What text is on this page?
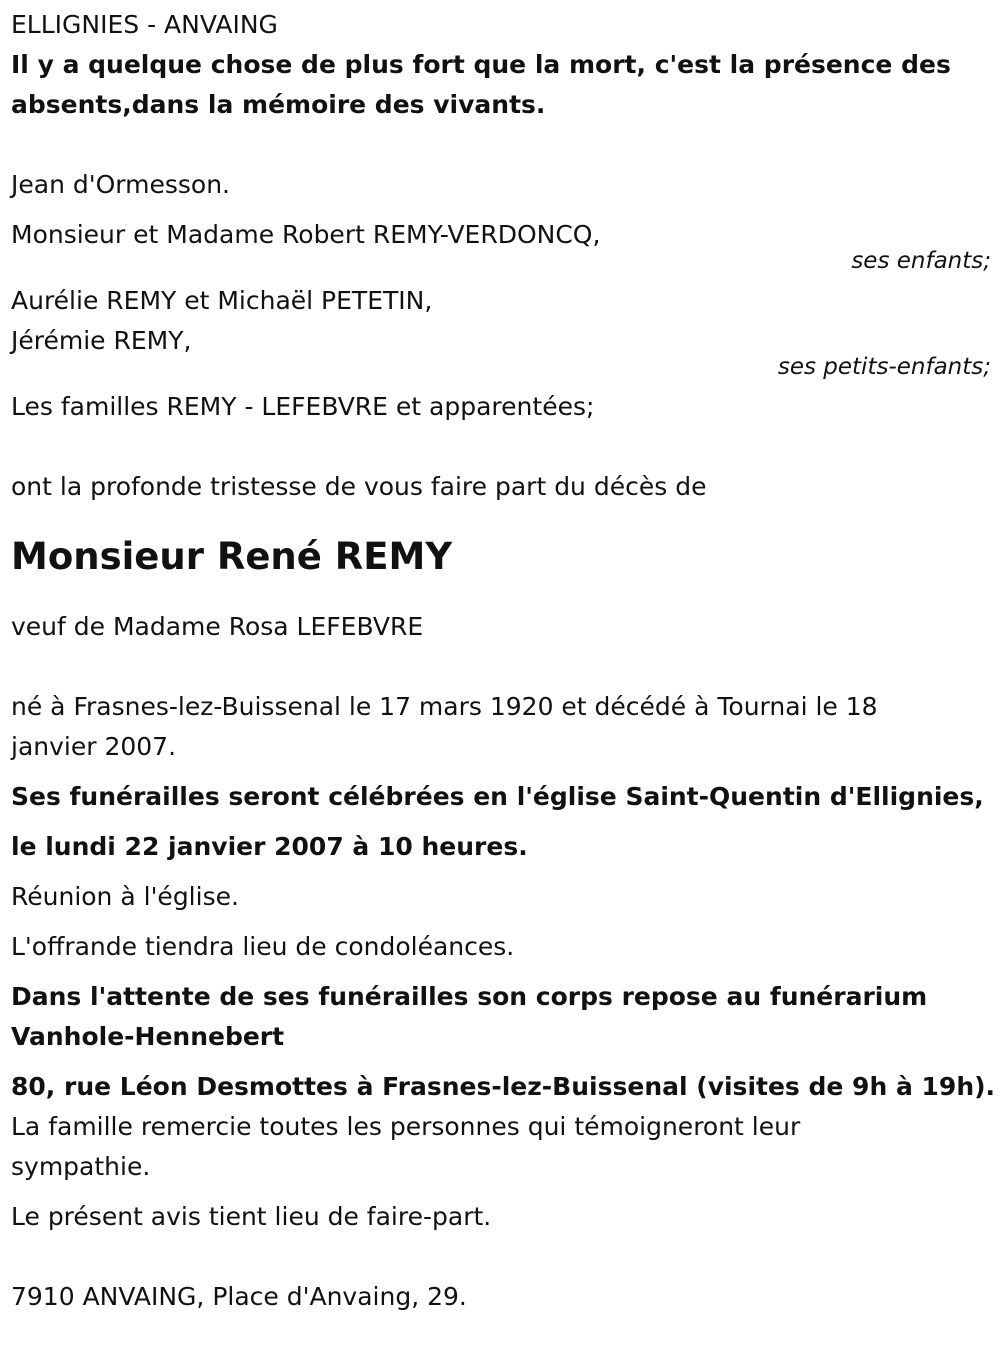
ELLIGNIES - ANVAING
Il y a quelque chose de plus fort que la mort, c'est la présence des absents,dans la mémoire des vivants.
Jean d'Ormesson.
Monsieur et Madame Robert REMY-VERDONCQ,
ses enfants;
Aurélie REMY et Michaël PETETIN,
Jérémie REMY,
ses petits-enfants;
Les familles REMY - LEFEBVRE et apparentées;
ont la profonde tristesse de vous faire part du décès de
Monsieur René REMY
veuf de Madame Rosa LEFEBVRE
né à Frasnes-lez-Buissenal le 17 mars 1920 et décédé à Tournai le 18 janvier 2007.
Ses funérailles seront célébrées en l'église Saint-Quentin d'Ellignies,
le lundi 22 janvier 2007 à 10 heures.
Réunion à l'église.
L'offrande tiendra lieu de condoléances.
Dans l'attente de ses funérailles son corps repose au funérarium Vanhole-Hennebert
80, rue Léon Desmottes à Frasnes-lez-Buissenal (visites de 9h à 19h).
La famille remercie toutes les personnes qui témoigneront leur sympathie.
Le présent avis tient lieu de faire-part.
7910 ANVAING, Place d'Anvaing, 29.
